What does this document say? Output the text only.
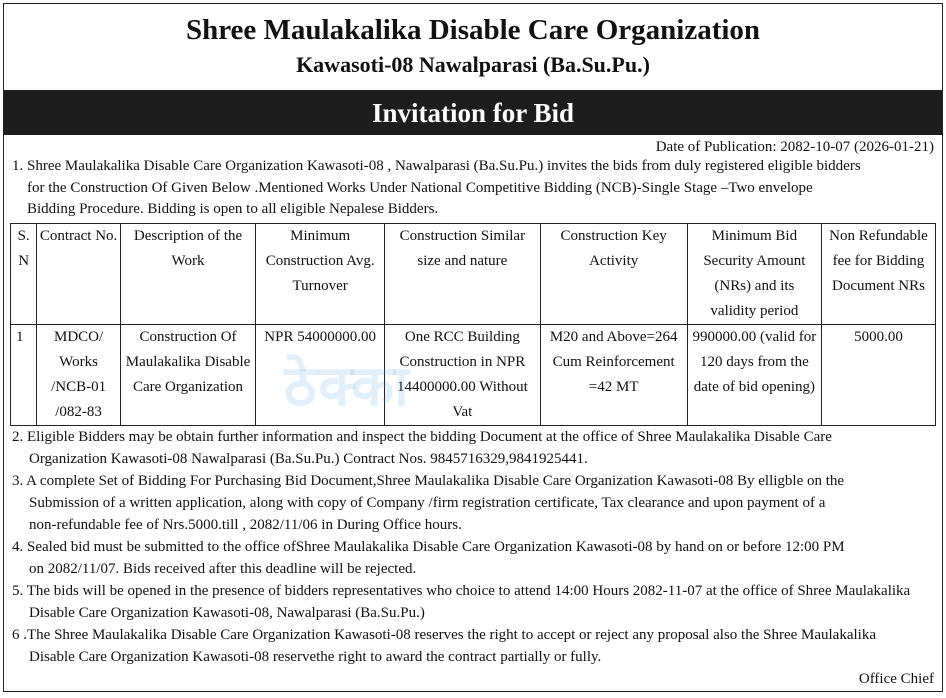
Shree Maulakalika Disable Care Organization
Kawasoti-08 Nawalparasi (Ba.Su.Pu.)
Invitation for Bid
Date of Publication: 2082-10-07 (2026-01-21)
1. Shree Maulakalika Disable Care Organization Kawasoti-08 , Nawalparasi (Ba.Su.Pu.) invites the bids from duly registered eligible bidders
for the Construction Of Given Below .Mentioned Works Under National Competitive Bidding (NCB)-Single Stage –Two envelope
Bidding Procedure. Bidding is open to all eligible Nepalese Bidders.
S. N	Contract No.	Description of the Work	Minimum Construction Avg. Turnover	Construction Similar size and nature	Construction Key Activity	Minimum Bid Security Amount (NRs) and its validity period	Non Refundable fee for Bidding Document NRs
1	MDCO/ Works /NCB-01 /082-83	Construction Of Maulakalika Disable Care Organization	NPR 54000000.00	One RCC Building Construction in NPR 14400000.00 Without Vat	M20 and Above=264 Cum Reinforcement =42 MT	990000.00 (valid for 120 days from the date of bid opening)	5000.00
2. Eligible Bidders may be obtain further information and inspect the bidding Document at the office of Shree Maulakalika Disable Care
Organization Kawasoti-08 Nawalparasi (Ba.Su.Pu.) Contract Nos. 9845716329,9841925441.
3. A complete Set of Bidding For Purchasing Bid Document,Shree Maulakalika Disable Care Organization Kawasoti-08 By elligble on the
Submission of a written application, along with copy of Company /firm registration certificate, Tax clearance and upon payment of a
non-refundable fee of Nrs.5000.till , 2082/11/06 in During Office hours.
4. Sealed bid must be submitted to the office ofShree Maulakalika Disable Care Organization Kawasoti-08 by hand on or before 12:00 PM
on 2082/11/07. Bids received after this deadline will be rejected.
5. The bids will be opened in the presence of bidders representatives who choice to attend 14:00 Hours 2082-11-07 at the office of Shree Maulakalika
Disable Care Organization Kawasoti-08, Nawalparasi (Ba.Su.Pu.)
6 .The Shree Maulakalika Disable Care Organization Kawasoti-08 reserves the right to accept or reject any proposal also the Shree Maulakalika
Disable Care Organization Kawasoti-08 reservethe right to award the contract partially or fully.
Office Chief
ठेक्का
